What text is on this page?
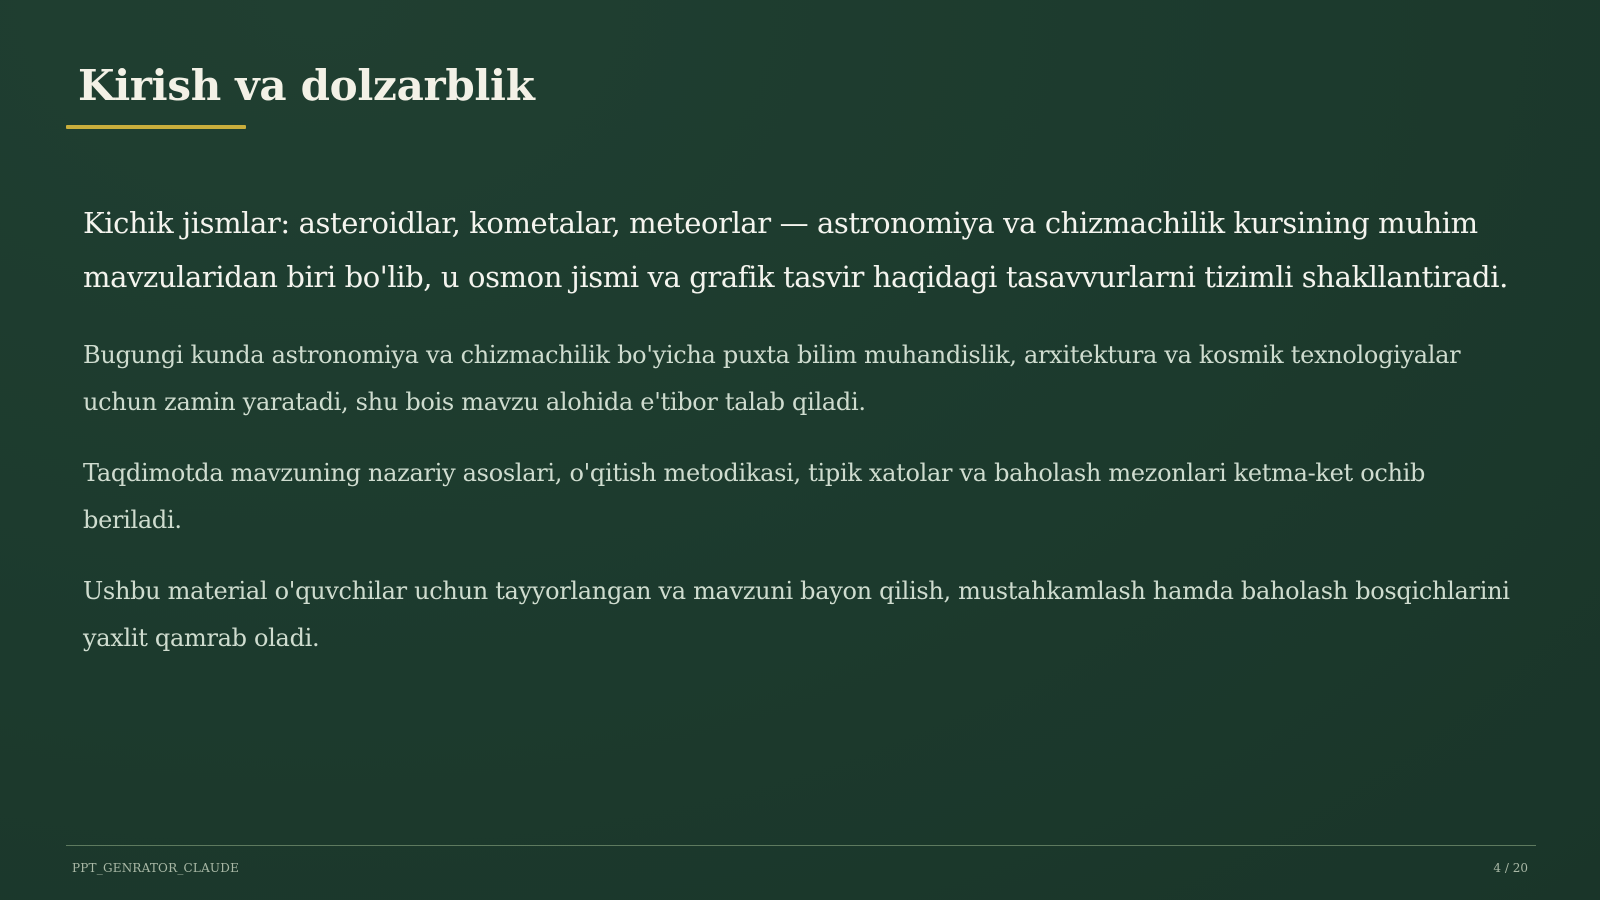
Kirish va dolzarblik

Kichik jismlar: asteroidlar, kometalar, meteorlar — astronomiya va chizmachilik kursining muhim mavzularidan biri bo'lib, u osmon jismi va grafik tasvir haqidagi tasavvurlarni tizimli shakllantiradi.

Bugungi kunda astronomiya va chizmachilik bo'yicha puxta bilim muhandislik, arxitektura va kosmik texnologiyalar uchun zamin yaratadi, shu bois mavzu alohida e'tibor talab qiladi.

Taqdimotda mavzuning nazariy asoslari, o'qitish metodikasi, tipik xatolar va baholash mezonlari ketma-ket ochib beriladi.

Ushbu material o'quvchilar uchun tayyorlangan va mavzuni bayon qilish, mustahkamlash hamda baholash bosqichlarini yaxlit qamrab oladi.

PPT_GENRATOR_CLAUDE	4 / 20
